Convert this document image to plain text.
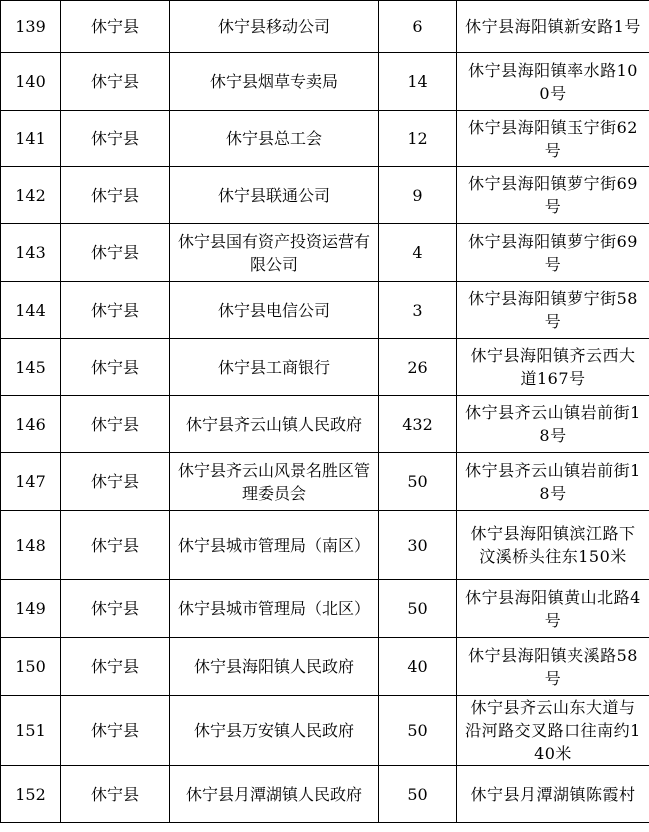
139	休宁县	休宁县移动公司	6	休宁县海阳镇新安路1号
140	休宁县	休宁县烟草专卖局	14	休宁县海阳镇率水路100号
141	休宁县	休宁县总工会	12	休宁县海阳镇玉宁街62号
142	休宁县	休宁县联通公司	9	休宁县海阳镇萝宁街69号
143	休宁县	休宁县国有资产投资运营有限公司	4	休宁县海阳镇萝宁街69号
144	休宁县	休宁县电信公司	3	休宁县海阳镇萝宁街58号
145	休宁县	休宁县工商银行	26	休宁县海阳镇齐云西大道167号
146	休宁县	休宁县齐云山镇人民政府	432	休宁县齐云山镇岩前街18号
147	休宁县	休宁县齐云山风景名胜区管理委员会	50	休宁县齐云山镇岩前街18号
148	休宁县	休宁县城市管理局（南区）	30	休宁县海阳镇滨江路下汶溪桥头往东150米
149	休宁县	休宁县城市管理局（北区）	50	休宁县海阳镇黄山北路4号
150	休宁县	休宁县海阳镇人民政府	40	休宁县海阳镇夹溪路58号
151	休宁县	休宁县万安镇人民政府	50	休宁县齐云山东大道与沿河路交叉路口往南约140米
152	休宁县	休宁县月潭湖镇人民政府	50	休宁县月潭湖镇陈霞村
